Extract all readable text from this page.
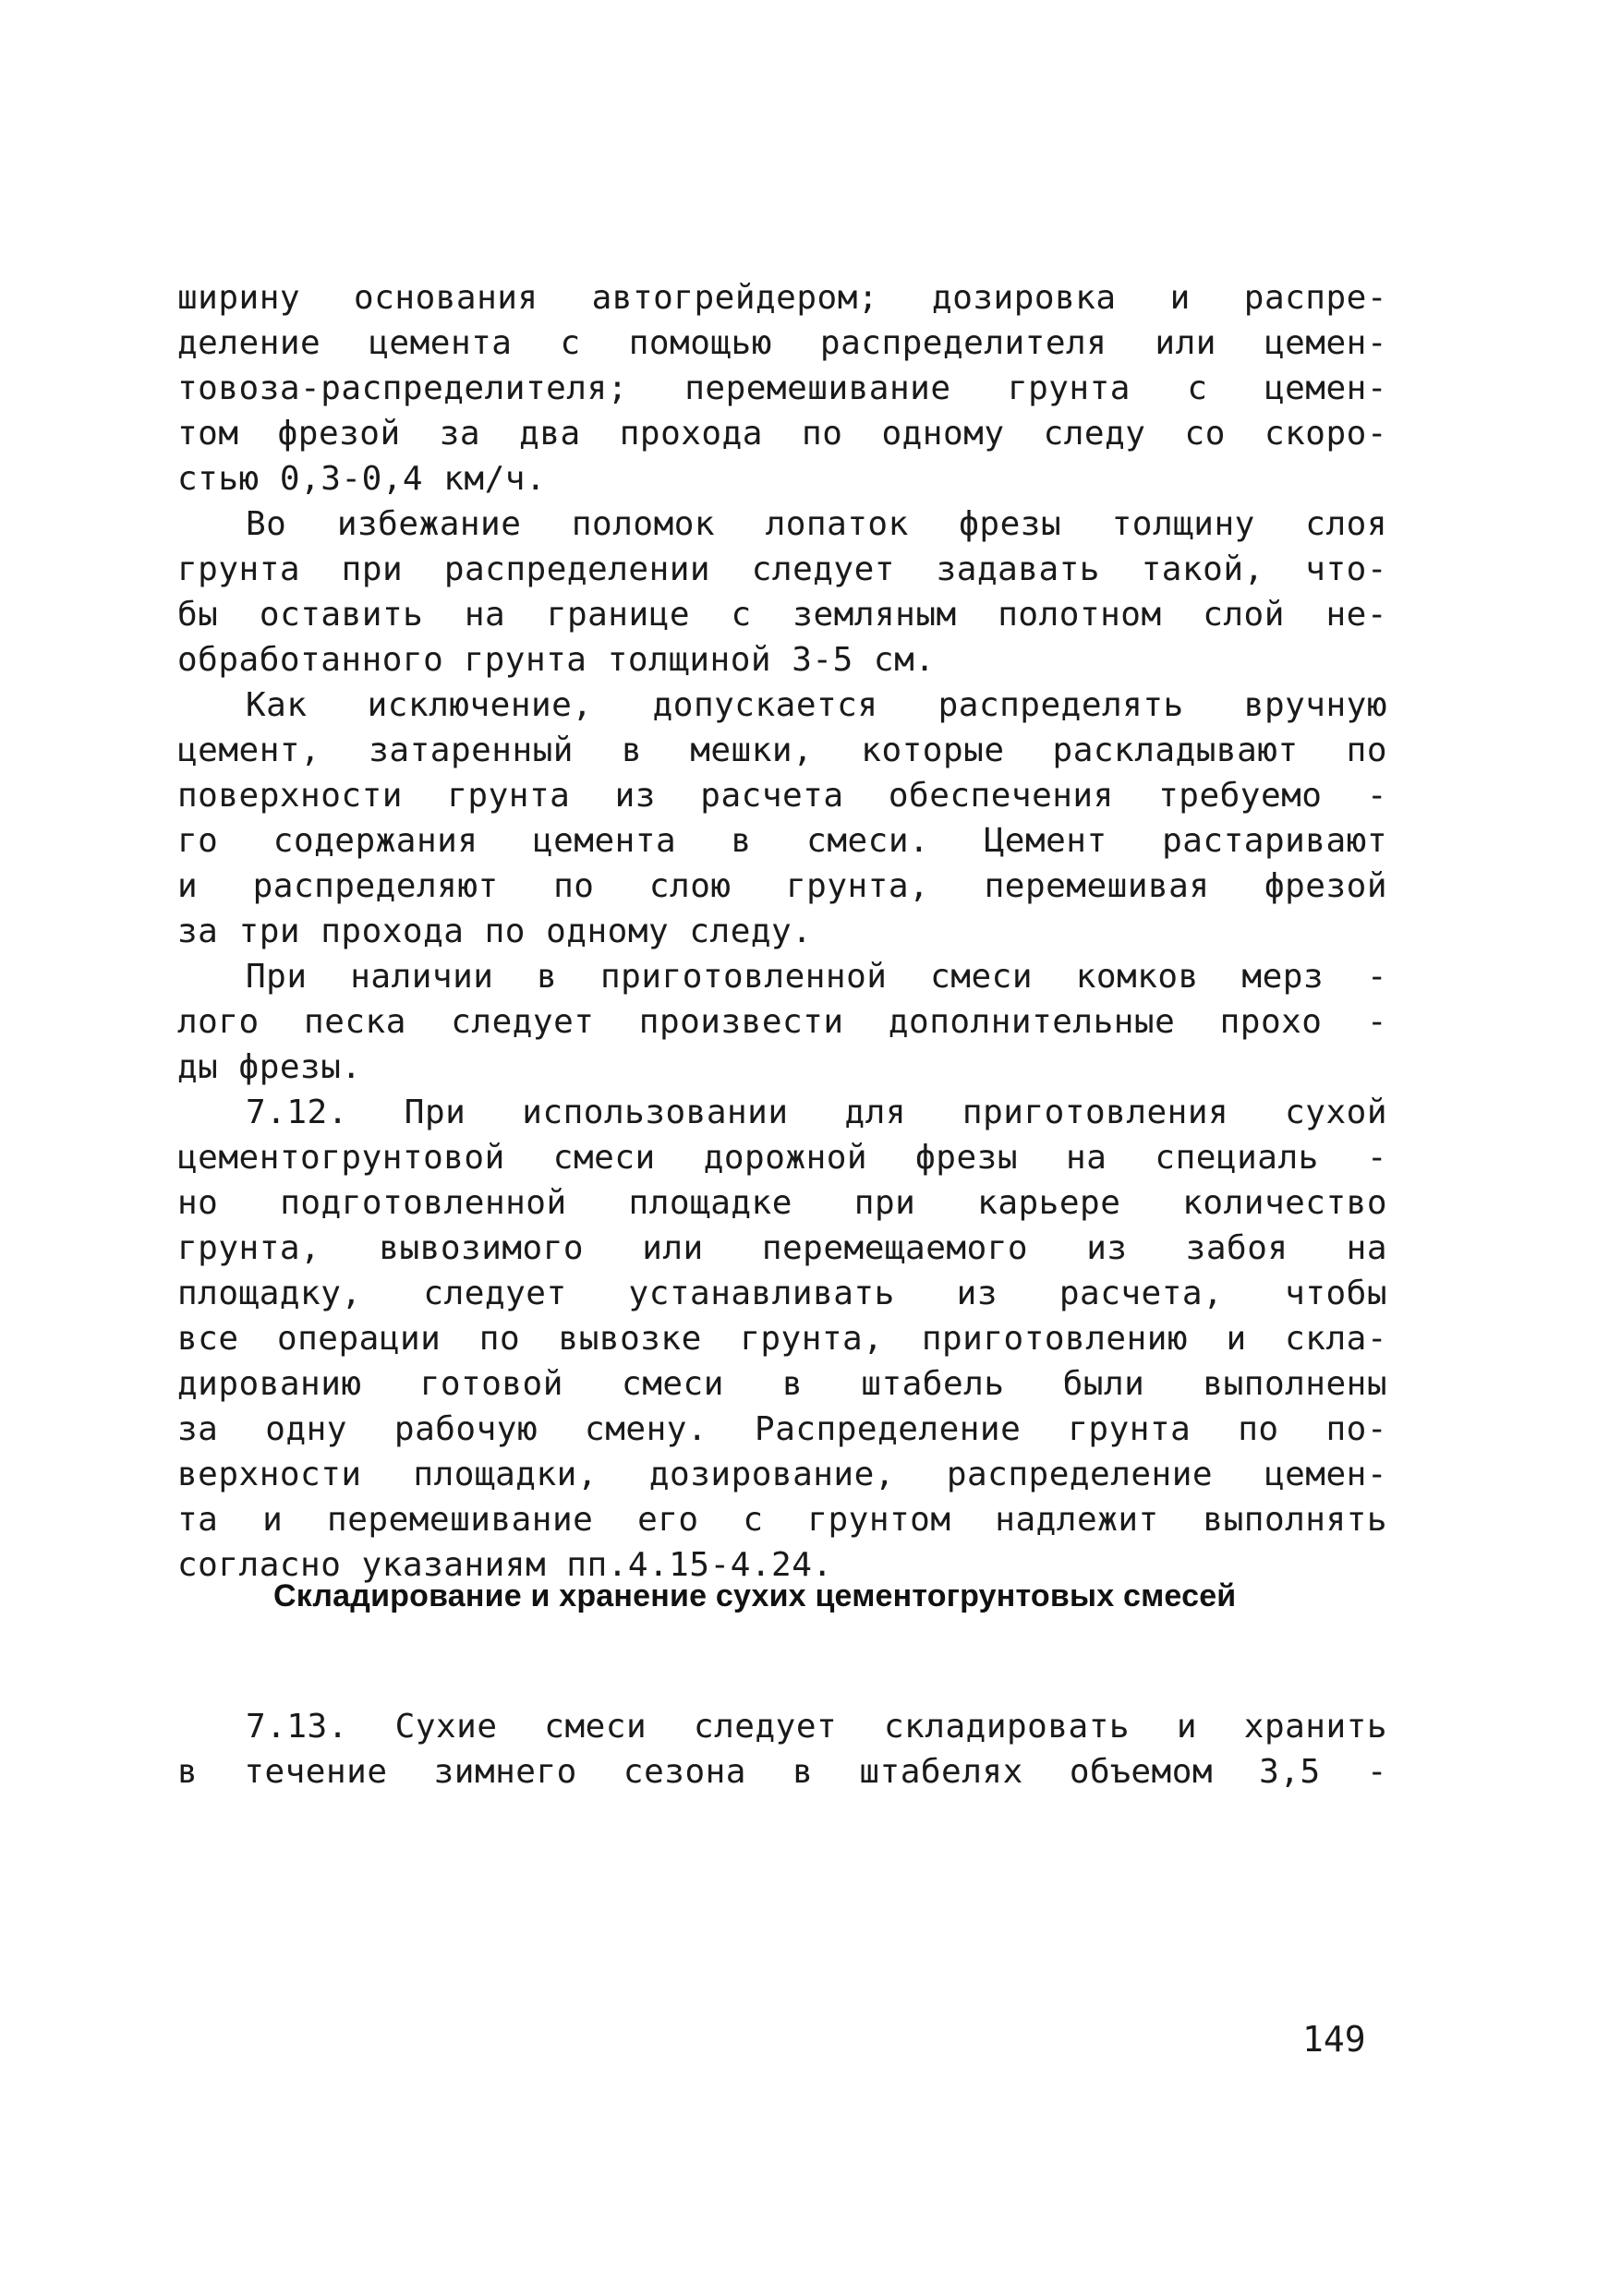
ширину основания автогрейдером; дозировка и распре-
деление цемента с помощью распределителя или цемен-
товоза-распределителя; перемешивание грунта с цемен-
том фрезой за два прохода по одному следу со скоро-
стью 0,3-0,4 км/ч.
Во избежание поломок лопаток фрезы толщину слоя
грунта при распределении следует задавать такой, что-
бы оставить на границе с земляным полотном слой не-
обработанного грунта толщиной 3-5 см.
Как исключение, допускается распределять вручную
цемент, затаренный в мешки, которые раскладывают по
поверхности грунта из расчета обеспечения требуемо -
го содержания цемента в смеси. Цемент растаривают
и распределяют по слою грунта, перемешивая фрезой
за три прохода по одному следу.
При наличии в приготовленной смеси комков мерз -
лого песка следует произвести дополнительные прохо -
ды фрезы.
7.12. При использовании для приготовления сухой
цементогрунтовой смеси дорожной фрезы на специаль -
но подготовленной площадке при карьере количество
грунта, вывозимого или перемещаемого из забоя на
площадку, следует устанавливать из расчета, чтобы
все операции по вывозке грунта, приготовлению и скла-
дированию готовой смеси в штабель были выполнены
за одну рабочую смену. Распределение грунта по по-
верхности площадки, дозирование, распределение цемен-
та и перемешивание его с грунтом надлежит выполнять
согласно указаниям пп.4.15-4.24.
Складирование и хранение сухих цементогрунтовых смесей
7.13. Сухие смеси следует складировать и хранить
в течение зимнего сезона в штабелях объемом 3,5 -
149
